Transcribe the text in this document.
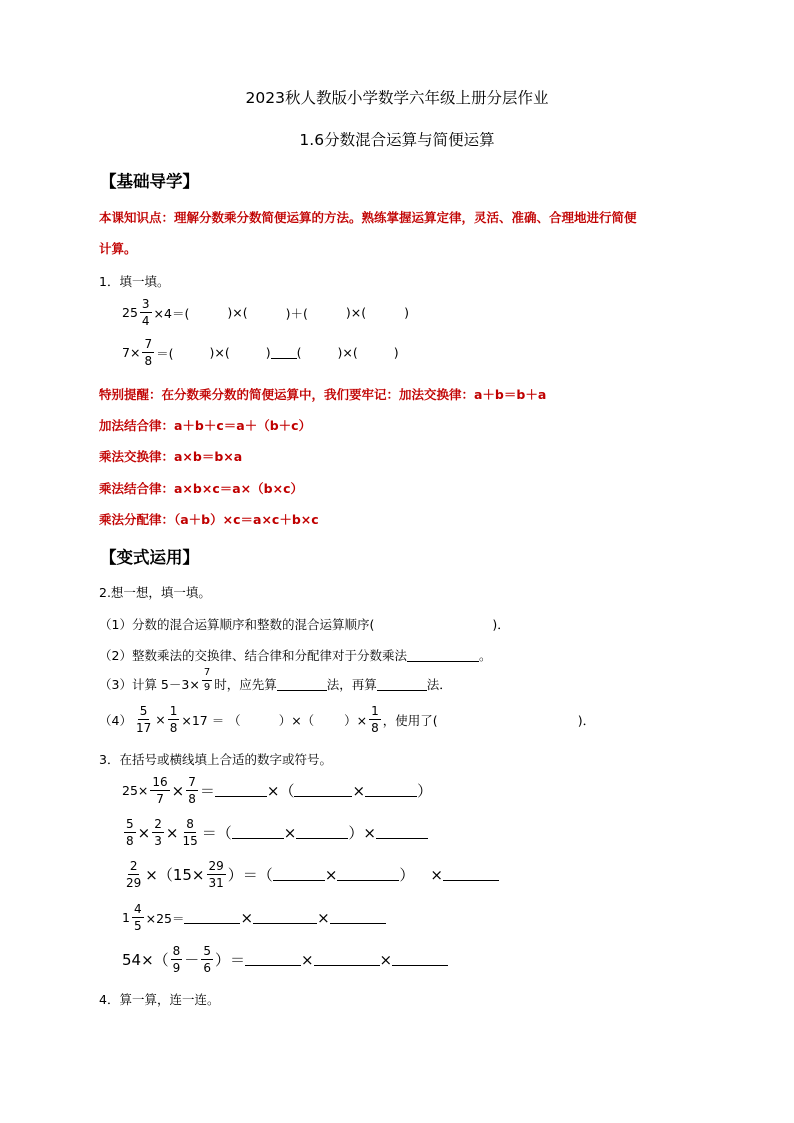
2023秋人教版小学数学六年级上册分层作业
1.6分数混合运算与简便运算
【基础导学】
本课知识点：理解分数乘分数简便运算的方法。熟练掌握运算定律，灵活、准确、合理地进行简便
计算。
1．填一填。
$25 \frac{3}{4} \times 4=$(	)×(	)＋(	)×(	)
$7\times \frac{7}{8}$ ＝(	)×(	) (	)×(	)
特别提醒：在分数乘分数的简便运算中，我们要牢记：加法交换律：a＋b＝b＋a
加法结合律：a＋b＋c＝a＋（b＋c）
乘法交换律：a×b＝b×a
乘法结合律：a×b×c＝a×（b×c）
乘法分配律：（a＋b）×c＝a×c＋b×c
【变式运用】
2.想一想，填一填。
（1）分数的混合运算顺序和整数的混合运算顺序(	)．
（2）整数乘法的交换律、结合律和分配律对于分数乘法	。
（3）计算 $5-3\times \frac{7}{9}$ 时，应先算	法，再算	法．
$(4) \frac{5}{17} \times \frac{1}{8} \times 17$ ＝ （	）×（ ）× $\frac{1}{8}$ ，使用了(	)．
3．在括号或横线填上合适的数字或符号。
$25\times \frac{16}{7} \times \frac{7}{8}$ ＝	×（	×	）
$\frac{5}{8} \times \frac{2}{3} \times \frac{8}{15}$ ＝（	×	）×
$\frac{2}{29} \times(15\times \frac{29}{31}$ ）＝（	×	） ×
$1 \frac{4}{5} \times 25=$	×	×
$54\times( \frac{8}{9} - \frac{5}{6}$ ）＝	×	×
4．算一算，连一连。
